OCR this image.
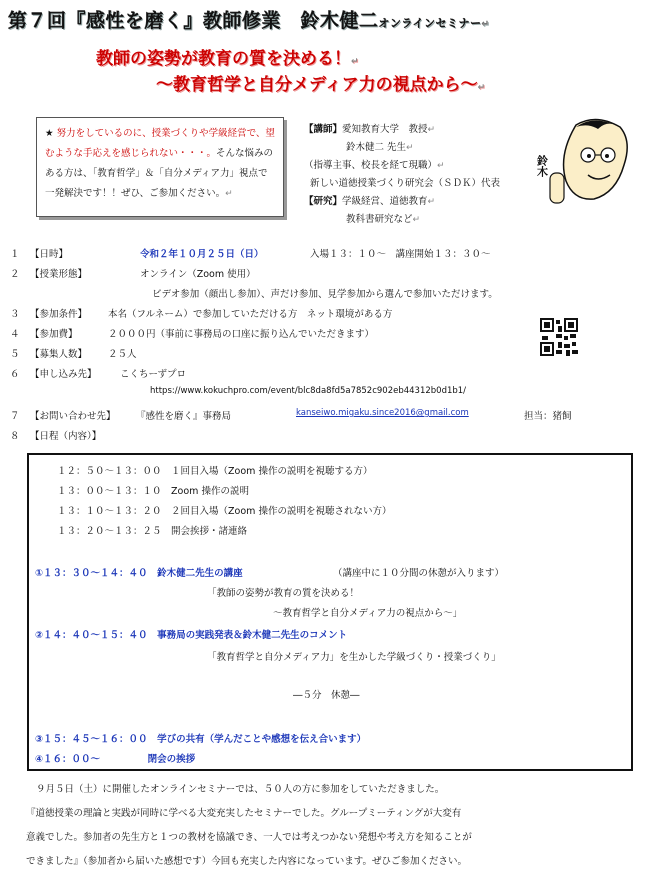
第７回『感性を磨く』教師修業　鈴木健二オンラインセミナー↵
教師の姿勢が教育の質を決める！↵
～教育哲学と自分メディア力の視点から～↵
★ 努力をしているのに、授業づくりや学級経営で、望むような手応えを感じられない・・・。そんな悩みのある方は、「教育哲学」＆「自分メディア力」視点で一発解決です！！ぜひ、ご参加ください。↵
【講師】愛知教育大学　教授↵
鈴木健二 先生↵
（指導主事、校長を経て現職）↵
新しい道徳授業づくり研究会（ＳＤＫ）代表
【研究】学級経営、道徳教育↵
教科書研究など↵
鈴木
１	【日時】	令和２年１０月２５日（日）	入場１３：１０～　講座開始１３：３０～
２	【授業形態】	オンライン（Zoom 使用）
ビデオ参加（顔出し参加）、声だけ参加、見学参加から選んで参加いただけます。
３	【参加条件】 本名（フルネーム）で参加していただける方　ネット環境がある方
４	【参加費】	２０００円（事前に事務局の口座に振り込んでいただきます）
５	【募集人数】 ２５人
６	【申し込み先】 こくちーずプロ
https://www.kokuchpro.com/event/blc8da8fd5a7852c902eb44312b0d1b1/
７	【お問い合わせ先】 『感性を磨く』事務局	kanseiwo.migaku.since2016@gmail.com	担当：猪飼
８	【日程（内容）】
１２：５０～１３：００　 １回目入場（Zoom 操作の説明を視聴する方）
１３：００～１３：１０　 Zoom 操作の説明
１３：１０～１３：２０　 ２回目入場（Zoom 操作の説明を視聴されない方）
１３：２０～１３：２５　 開会挨拶・諸連絡
①１３：３０～１４：４０　 鈴木健二先生の講座	（講座中に１０分間の休憩が入ります）
「教師の姿勢が教育の質を決める！
～教育哲学と自分メディア力の視点から～」
②１４：４０～１５：４０　 事務局の実践発表＆鈴木健二先生のコメント
「教育哲学と自分メディア力」を生かした学級づくり・授業づくり」
―５分　休憩―
③１５：４５～１６：００　 学びの共有（学んだことや感想を伝え合います）
④１６：００～　　　　　	閉会の挨拶
９月５日（土）に開催したオンラインセミナーでは、５０人の方に参加をしていただきました。
『道徳授業の理論と実践が同時に学べる大変充実したセミナーでした。グループミーティングが大変有
意義でした。参加者の先生方と１つの教材を協議でき、一人では考えつかない発想や考え方を知ることが
できました』（参加者から届いた感想です）今回も充実した内容になっています。ぜひご参加ください。
